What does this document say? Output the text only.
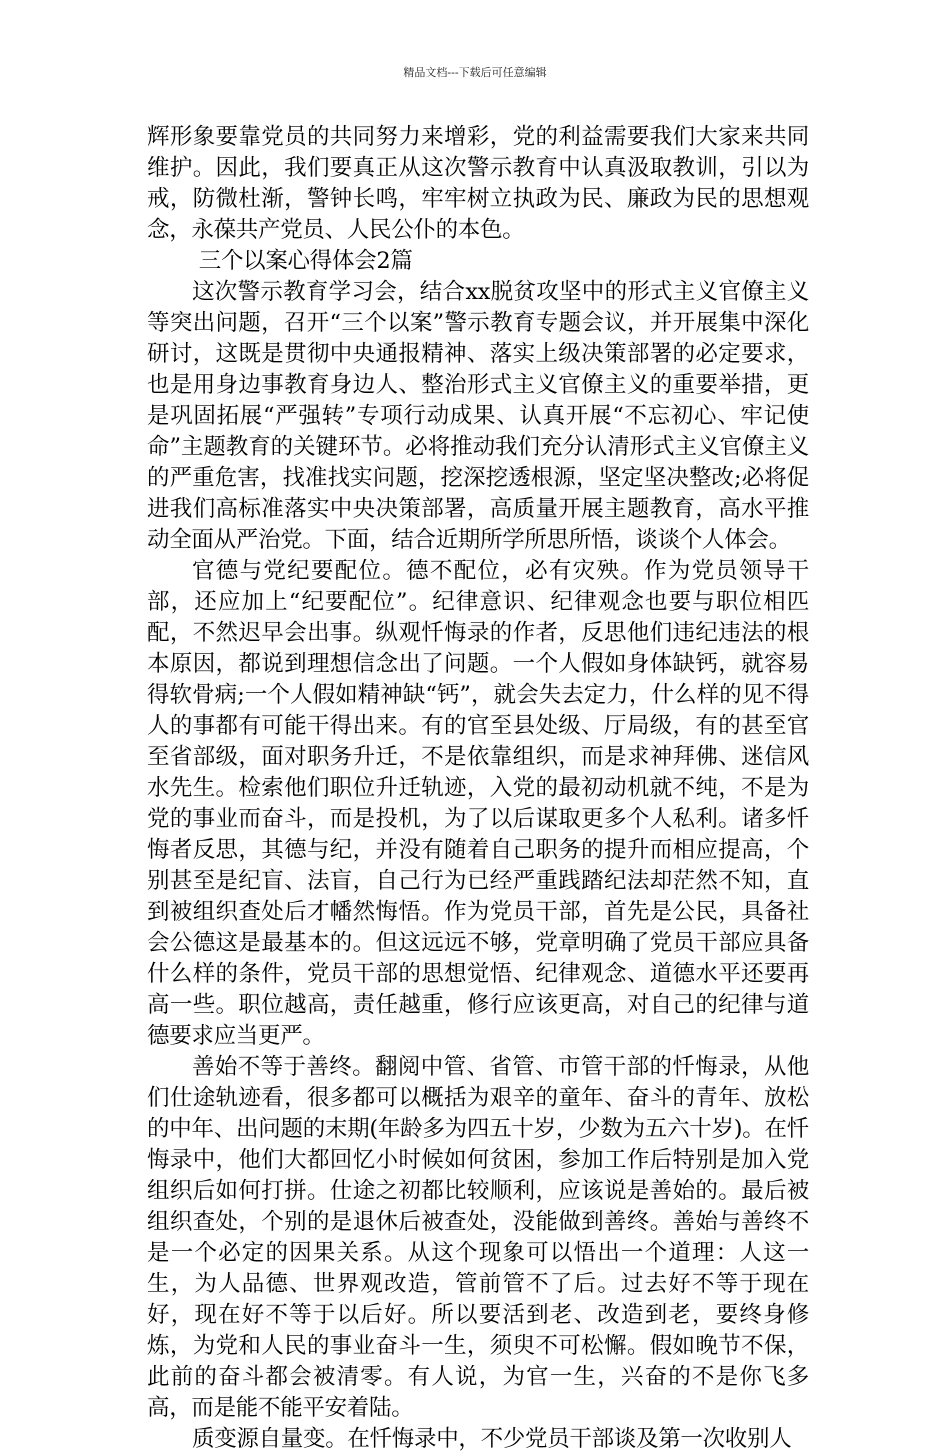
精品文档---下载后可任意编辑

辉形象要靠党员的共同努力来增彩，党的利益需要我们大家来共同维护。因此，我们要真正从这次警示教育中认真汲取教训，引以为戒，防微杜渐，警钟长鸣，牢牢树立执政为民、廉政为民的思想观念，永葆共产党员、人民公仆的本色。

三个以案心得体会2篇

这次警示教育学习会，结合xx脱贫攻坚中的形式主义官僚主义等突出问题，召开“三个以案”警示教育专题会议，并开展集中深化研讨，这既是贯彻中央通报精神、落实上级决策部署的必定要求，也是用身边事教育身边人、整治形式主义官僚主义的重要举措，更是巩固拓展“严强转”专项行动成果、认真开展“不忘初心、牢记使命”主题教育的关键环节。必将推动我们充分认清形式主义官僚主义的严重危害，找准找实问题，挖深挖透根源，坚定坚决整改;必将促进我们高标准落实中央决策部署，高质量开展主题教育，高水平推动全面从严治党。下面，结合近期所学所思所悟，谈谈个人体会。

官德与党纪要配位。德不配位，必有灾殃。作为党员领导干部，还应加上“纪要配位”。纪律意识、纪律观念也要与职位相匹配，不然迟早会出事。纵观忏悔录的作者，反思他们违纪违法的根本原因，都说到理想信念出了问题。一个人假如身体缺钙，就容易得软骨病;一个人假如精神缺“钙”，就会失去定力，什么样的见不得人的事都有可能干得出来。有的官至县处级、厅局级，有的甚至官至省部级，面对职务升迁，不是依靠组织，而是求神拜佛、迷信风水先生。检索他们职位升迁轨迹，入党的最初动机就不纯，不是为党的事业而奋斗，而是投机，为了以后谋取更多个人私利。诸多忏悔者反思，其德与纪，并没有随着自己职务的提升而相应提高，个别甚至是纪盲、法盲，自己行为已经严重践踏纪法却茫然不知，直到被组织查处后才幡然悔悟。作为党员干部，首先是公民，具备社会公德这是最基本的。但这远远不够，党章明确了党员干部应具备什么样的条件，党员干部的思想觉悟、纪律观念、道德水平还要再高一些。职位越高，责任越重，修行应该更高，对自己的纪律与道德要求应当更严。

善始不等于善终。翻阅中管、省管、市管干部的忏悔录，从他们仕途轨迹看，很多都可以概括为艰辛的童年、奋斗的青年、放松的中年、出问题的末期(年龄多为四五十岁，少数为五六十岁)。在忏悔录中，他们大都回忆小时候如何贫困，参加工作后特别是加入党组织后如何打拼。仕途之初都比较顺利，应该说是善始的。最后被组织查处，个别的是退休后被查处，没能做到善终。善始与善终不是一个必定的因果关系。从这个现象可以悟出一个道理：人这一生，为人品德、世界观改造，管前管不了后。过去好不等于现在好，现在好不等于以后好。所以要活到老、改造到老，要终身修炼，为党和人民的事业奋斗一生，须臾不可松懈。假如晚节不保，此前的奋斗都会被清零。有人说，为官一生，兴奋的不是你飞多高，而是能不能平安着陆。

质变源自量变。在忏悔录中，不少党员干部谈及第一次收别人
